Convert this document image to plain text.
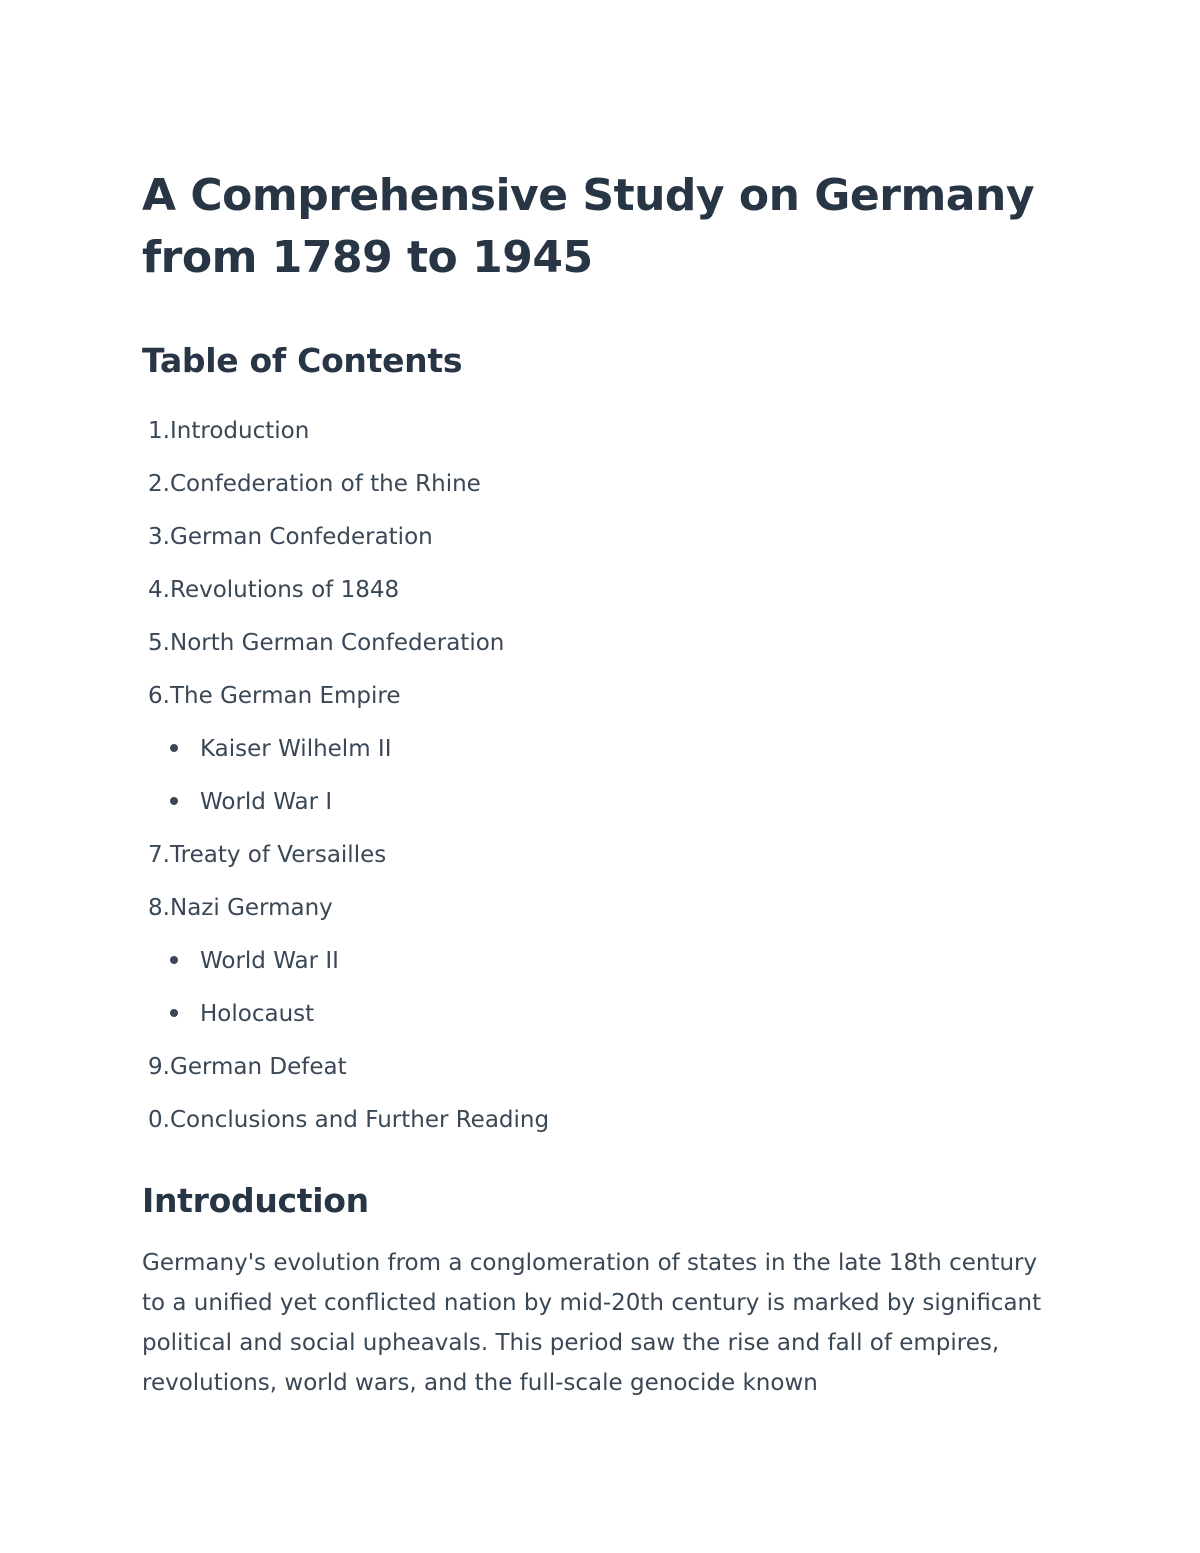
A Comprehensive Study on Germany
from 1789 to 1945
Table of Contents
1.Introduction
2.Confederation of the Rhine
3.German Confederation
4.Revolutions of 1848
5.North German Confederation
6.The German Empire
Kaiser Wilhelm II
World War I
7.Treaty of Versailles
8.Nazi Germany
World War II
Holocaust
9.German Defeat
0.Conclusions and Further Reading
Introduction

Germany's evolution from a conglomeration of states in the late 18th century to a unified yet conflicted nation by mid-20th century is marked by significant political and social upheavals. This period saw the rise and fall of empires, revolutions, world wars, and the full-scale genocide known
